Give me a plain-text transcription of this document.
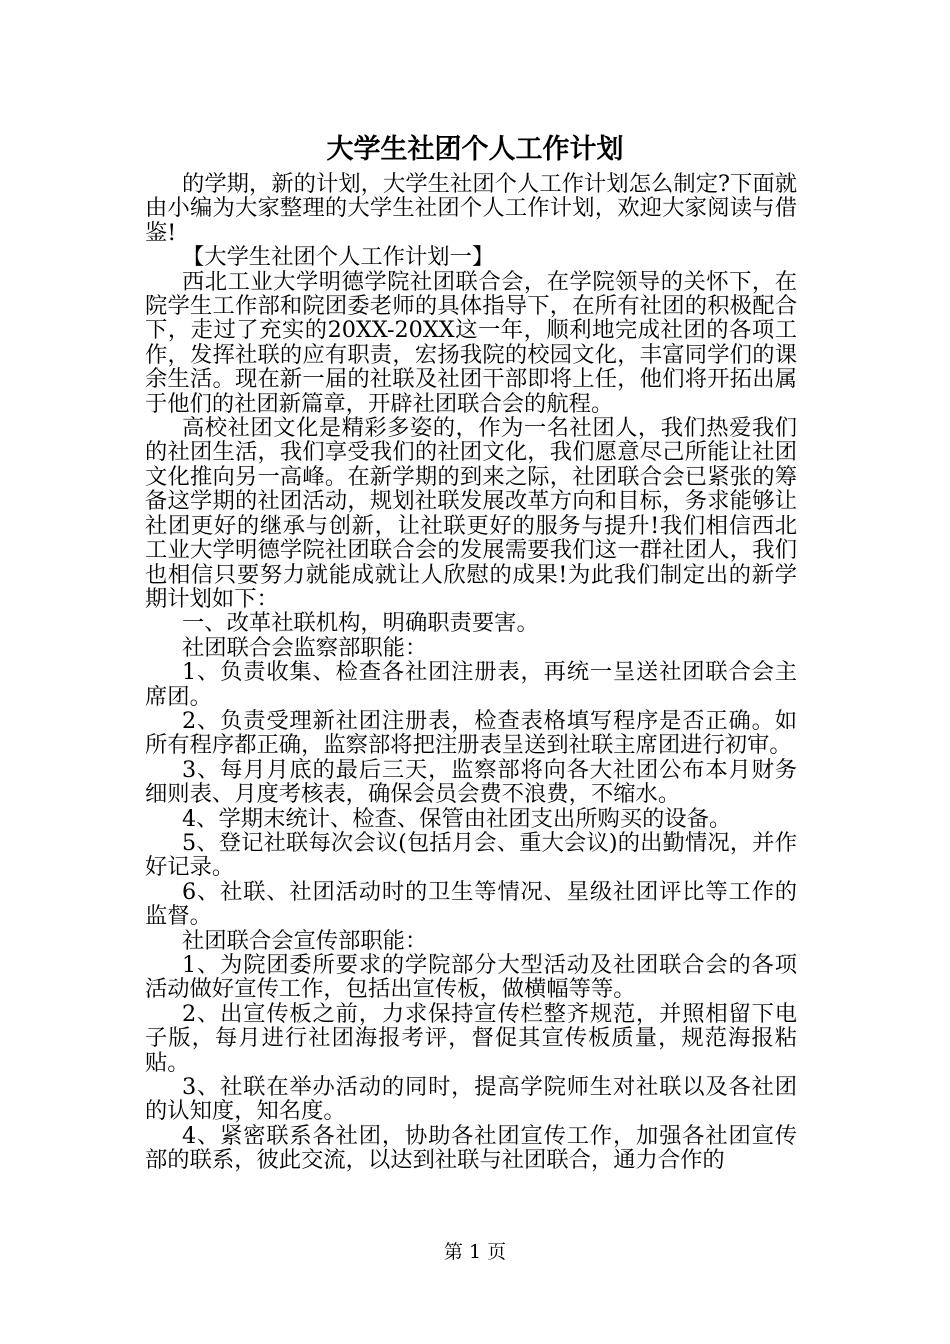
大学生社团个人工作计划

的学期，新的计划，大学生社团个人工作计划怎么制定?下面就由小编为大家整理的大学生社团个人工作计划，欢迎大家阅读与借鉴!

【大学生社团个人工作计划一】

西北工业大学明德学院社团联合会，在学院领导的关怀下，在院学生工作部和院团委老师的具体指导下，在所有社团的积极配合下，走过了充实的20XX-20XX这一年，顺利地完成社团的各项工作，发挥社联的应有职责，宏扬我院的校园文化，丰富同学们的课余生活。现在新一届的社联及社团干部即将上任，他们将开拓出属于他们的社团新篇章，开辟社团联合会的航程。

高校社团文化是精彩多姿的，作为一名社团人，我们热爱我们的社团生活，我们享受我们的社团文化，我们愿意尽己所能让社团文化推向另一高峰。在新学期的到来之际，社团联合会已紧张的筹备这学期的社团活动，规划社联发展改革方向和目标，务求能够让社团更好的继承与创新，让社联更好的服务与提升!我们相信西北工业大学明德学院社团联合会的发展需要我们这一群社团人，我们也相信只要努力就能成就让人欣慰的成果!为此我们制定出的新学期计划如下：

一、改革社联机构，明确职责要害。

社团联合会监察部职能：

1、负责收集、检查各社团注册表，再统一呈送社团联合会主席团。

2、负责受理新社团注册表，检查表格填写程序是否正确。如所有程序都正确，监察部将把注册表呈送到社联主席团进行初审。

3、每月月底的最后三天，监察部将向各大社团公布本月财务细则表、月度考核表，确保会员会费不浪费，不缩水。

4、学期末统计、检查、保管由社团支出所购买的设备。

5、登记社联每次会议(包括月会、重大会议)的出勤情况，并作好记录。

6、社联、社团活动时的卫生等情况、星级社团评比等工作的监督。

社团联合会宣传部职能：

1、为院团委所要求的学院部分大型活动及社团联合会的各项活动做好宣传工作，包括出宣传板，做横幅等等。

2、出宣传板之前，力求保持宣传栏整齐规范，并照相留下电子版，每月进行社团海报考评，督促其宣传板质量，规范海报粘贴。

3、社联在举办活动的同时，提高学院师生对社联以及各社团的认知度，知名度。

4、紧密联系各社团，协助各社团宣传工作，加强各社团宣传部的联系，彼此交流，以达到社联与社团联合，通力合作的

第 1 页
